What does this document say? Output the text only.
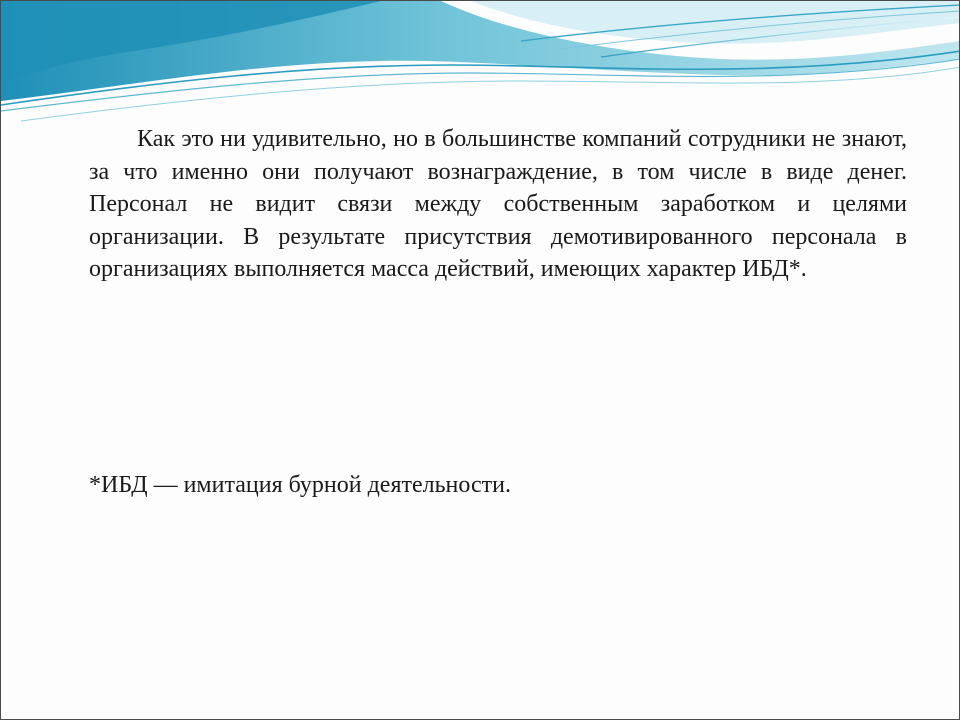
Как это ни удивительно, но в большинстве компаний сотрудники не знают, за что именно они получают вознаграждение, в том числе в виде денег. Персонал не видит связи между собственным заработком и целями организации. В результате присутствия демотивированного персонала в организациях выполняется масса действий, имеющих характер ИБД*.

*ИБД — имитация бурной деятельности.
